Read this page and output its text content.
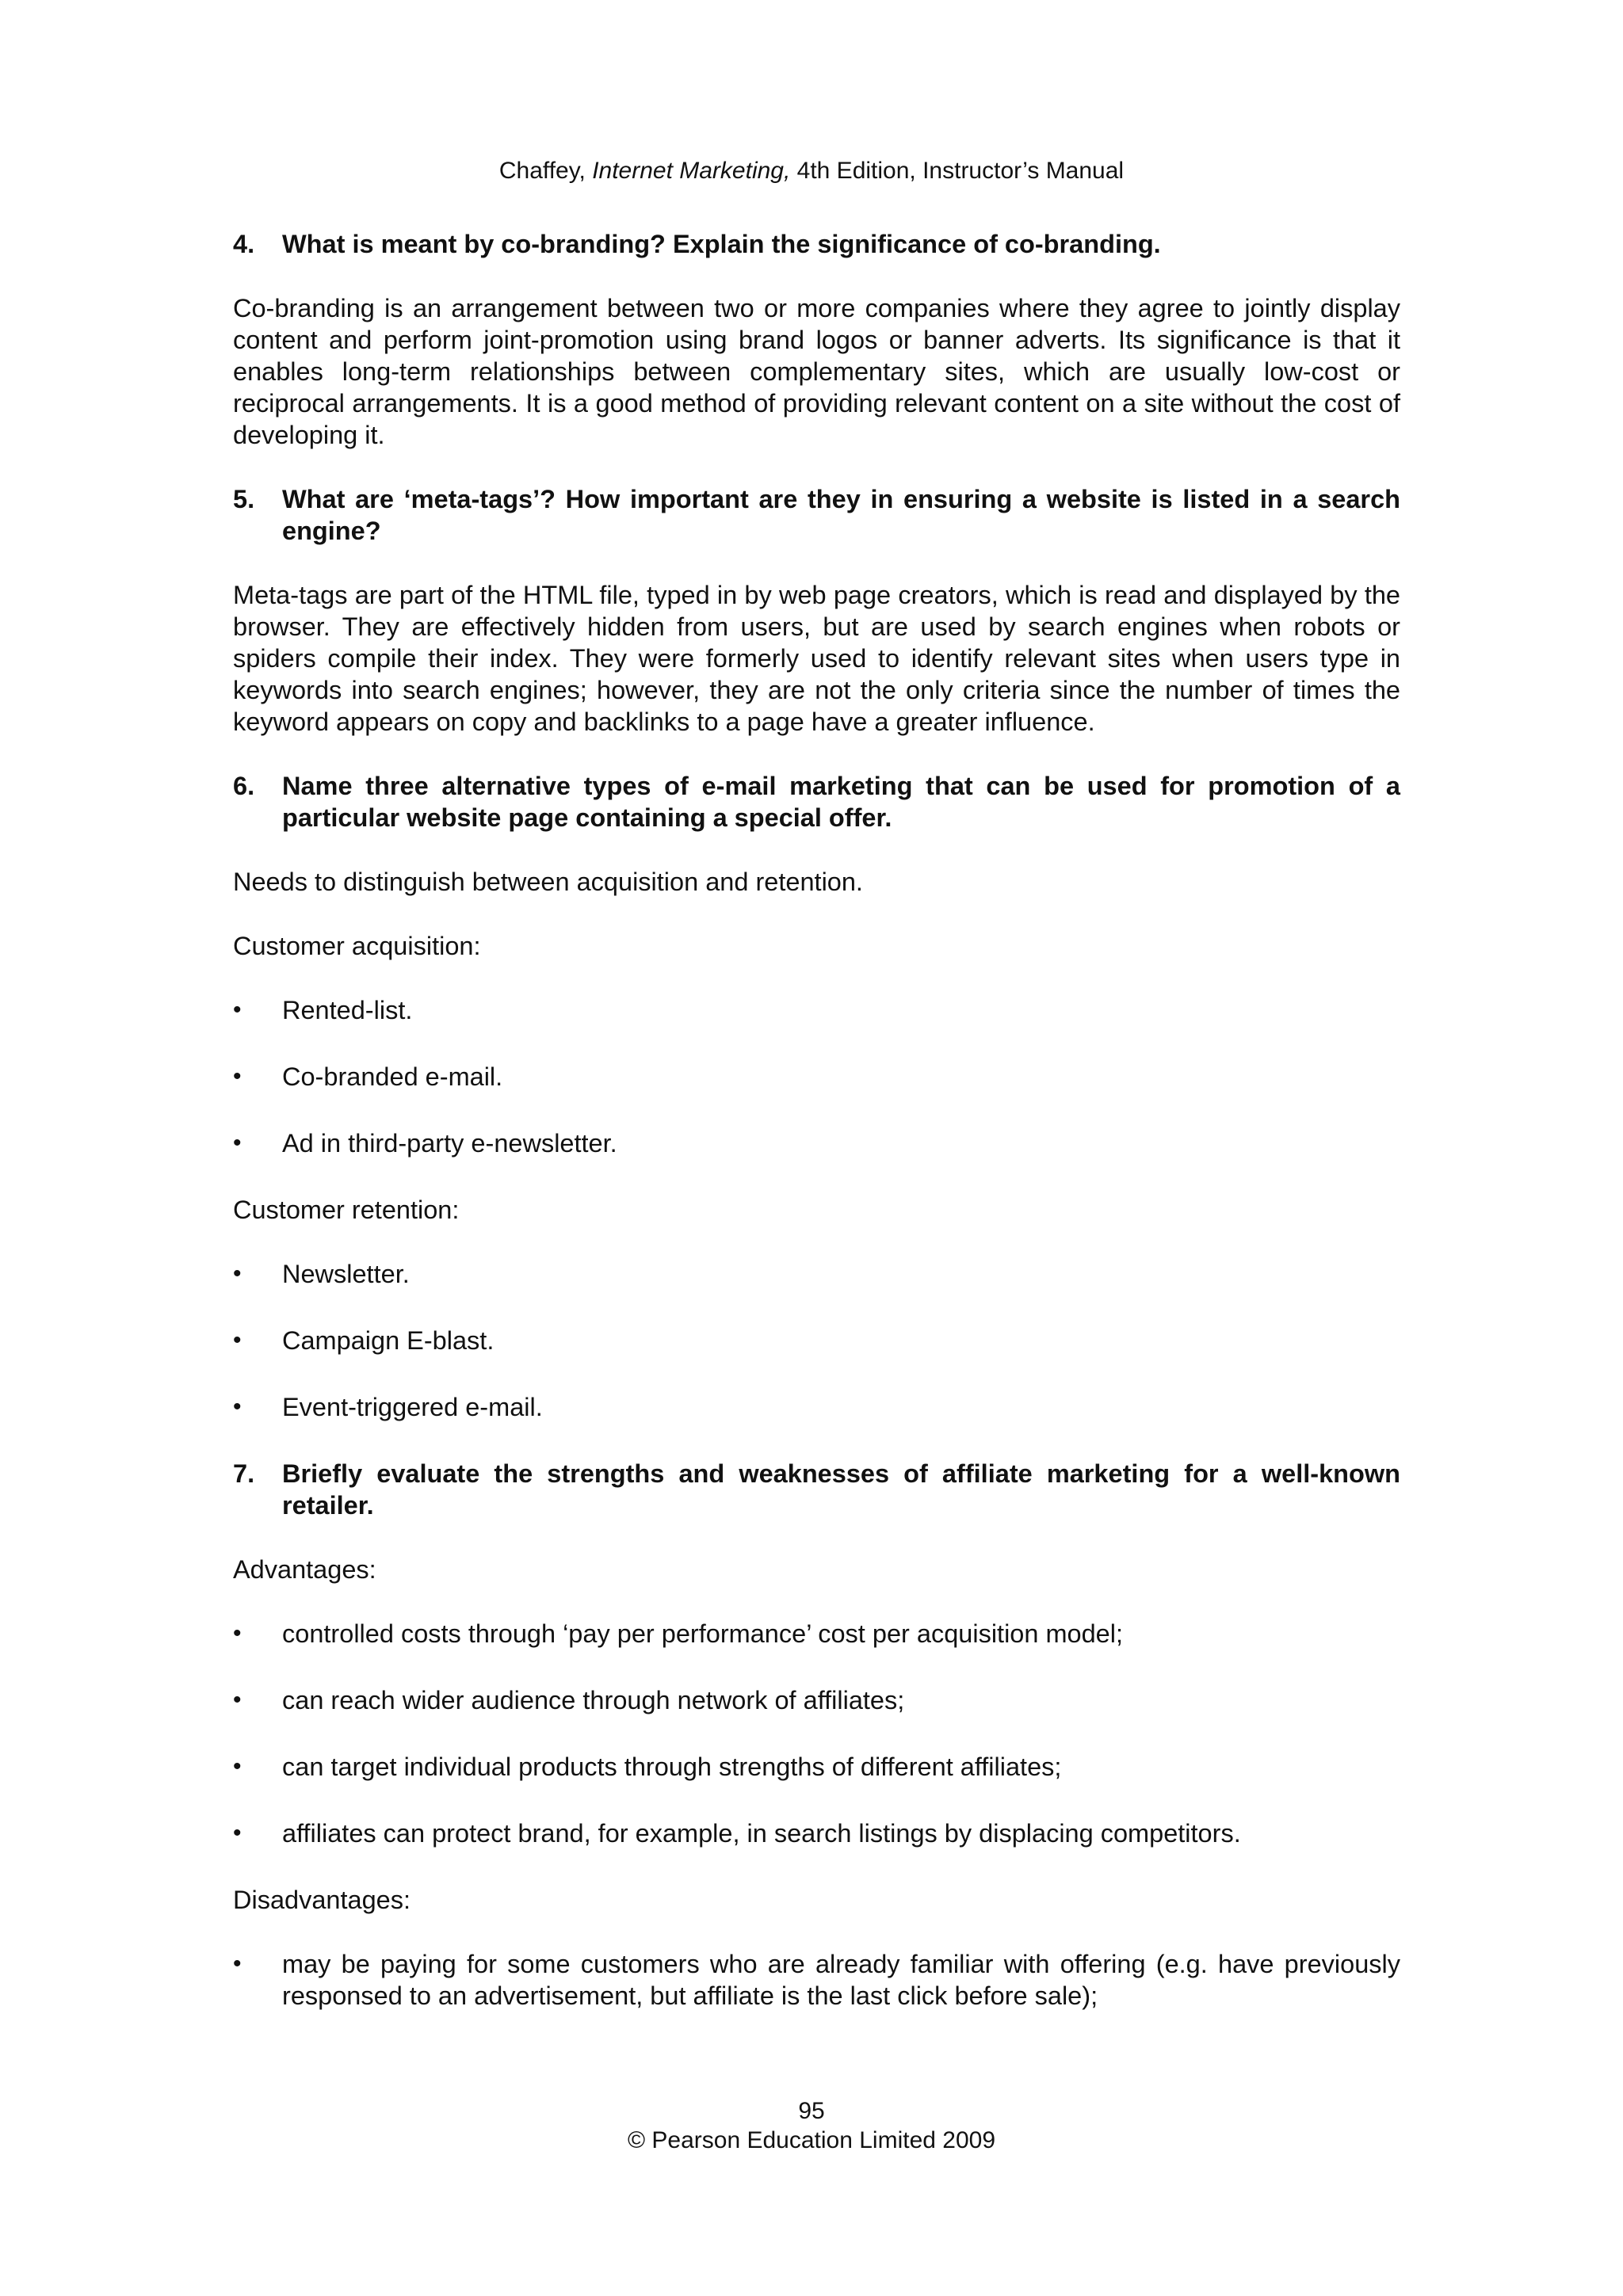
Chaffey, Internet Marketing, 4th Edition, Instructor’s Manual
4.	What is meant by co-branding? Explain the significance of co-branding.

Co-branding is an arrangement between two or more companies where they agree to jointly display content and perform joint-promotion using brand logos or banner adverts. Its significance is that it enables long-term relationships between complementary sites, which are usually low-cost or reciprocal arrangements. It is a good method of providing relevant content on a site without the cost of developing it.

5.	What are ‘meta-tags’? How important are they in ensuring a website is listed in a search engine?

Meta-tags are part of the HTML file, typed in by web page creators, which is read and displayed by the browser. They are effectively hidden from users, but are used by search engines when robots or spiders compile their index. They were formerly used to identify relevant sites when users type in keywords into search engines; however, they are not the only criteria since the number of times the keyword appears on copy and backlinks to a page have a greater influence.

6.	Name three alternative types of e-mail marketing that can be used for promotion of a particular website page containing a special offer.

Needs to distinguish between acquisition and retention.

Customer acquisition:

•	Rented-list.
•	Co-branded e-mail.
•	Ad in third-party e-newsletter.

Customer retention:

•	Newsletter.
•	Campaign E-blast.
•	Event-triggered e-mail.
7.	Briefly evaluate the strengths and weaknesses of affiliate marketing for a well-known retailer.

Advantages:

•	controlled costs through ‘pay per performance’ cost per acquisition model;
•	can reach wider audience through network of affiliates;
•	can target individual products through strengths of different affiliates;
•	affiliates can protect brand, for example, in search listings by displacing competitors.

Disadvantages:

•	may be paying for some customers who are already familiar with offering (e.g. have previously responsed to an advertisement, but affiliate is the last click before sale);
95
© Pearson Education Limited 2009
